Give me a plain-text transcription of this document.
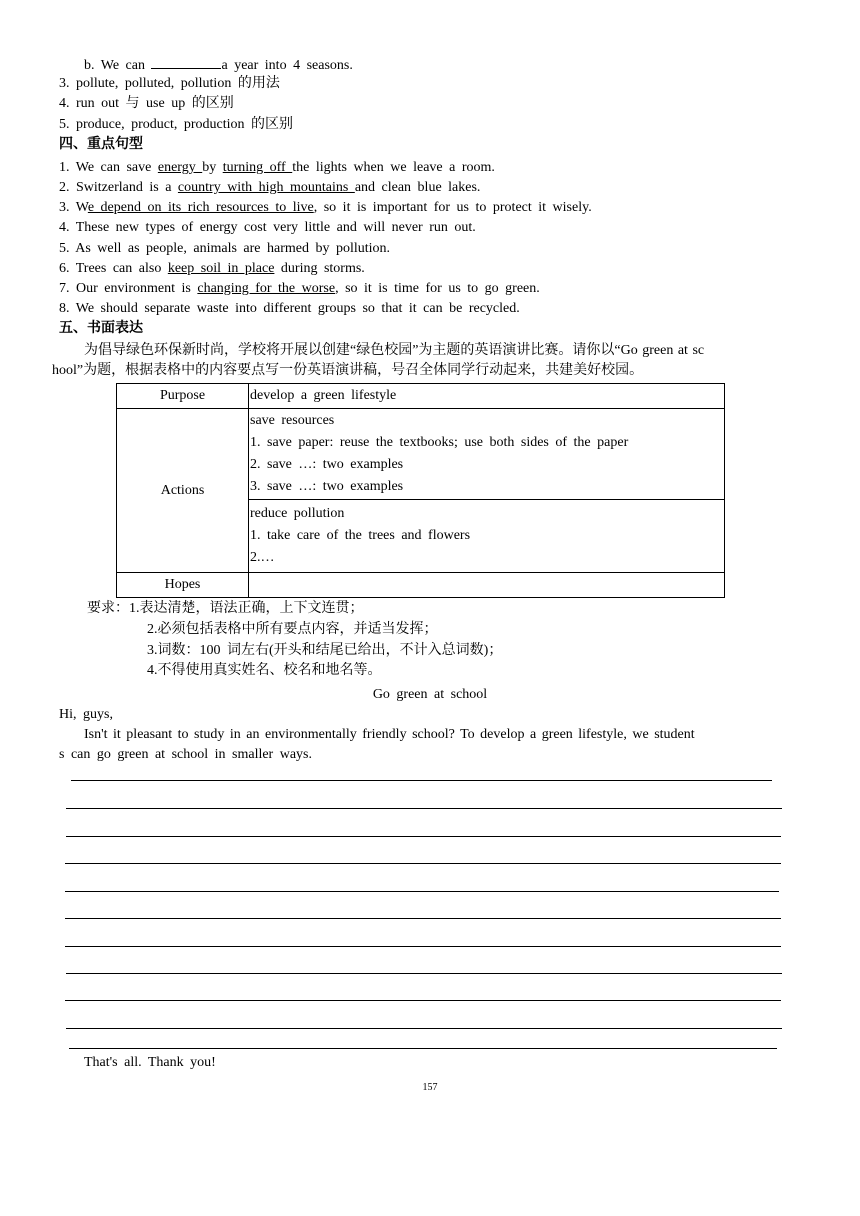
b. We can	a year into 4 seasons.
3. pollute, polluted, pollution 的用法
4. run out 与 use up 的区别
5. produce, product, production 的区别
四、重点句型
1. We can save energy by turning off the lights when we leave a room.
2. Switzerland is a country with high mountains and clean blue lakes.
3. We depend on its rich resources to live, so it is important for us to protect it wisely.
4. These new types of energy cost very little and will never run out.
5. As well as people, animals are harmed by pollution.
6. Trees can also keep soil in place during storms.
7. Our environment is changing for the worse, so it is time for us to go green.
8. We should separate waste into different groups so that it can be recycled.
五、书面表达
为倡导绿色环保新时尚，学校将开展以创建“绿色校园”为主题的英语演讲比赛。请你以“Go green at sc
hool”为题，根据表格中的内容要点写一份英语演讲稿，号召全体同学行动起来，共建美好校园。
Purpose	develop a green lifestyle
Actions	save resources
1. save paper: reuse the textbooks; use both sides of the paper
2. save …: two examples
3. save …: two examples

	reduce pollution
1. take care of the trees and flowers
2.…

Hopes	
要求：1.表达清楚，语法正确，上下文连贯；
2.必须包括表格中所有要点内容，并适当发挥；
3.词数：100 词左右(开头和结尾已给出，不计入总词数)；
4.不得使用真实姓名、校名和地名等。
Go green at school
Hi, guys,
Isn't it pleasant to study in an environmentally friendly school? To develop a green lifestyle, we student
s can go green at school in smaller ways.
That's all. Thank you!
157
